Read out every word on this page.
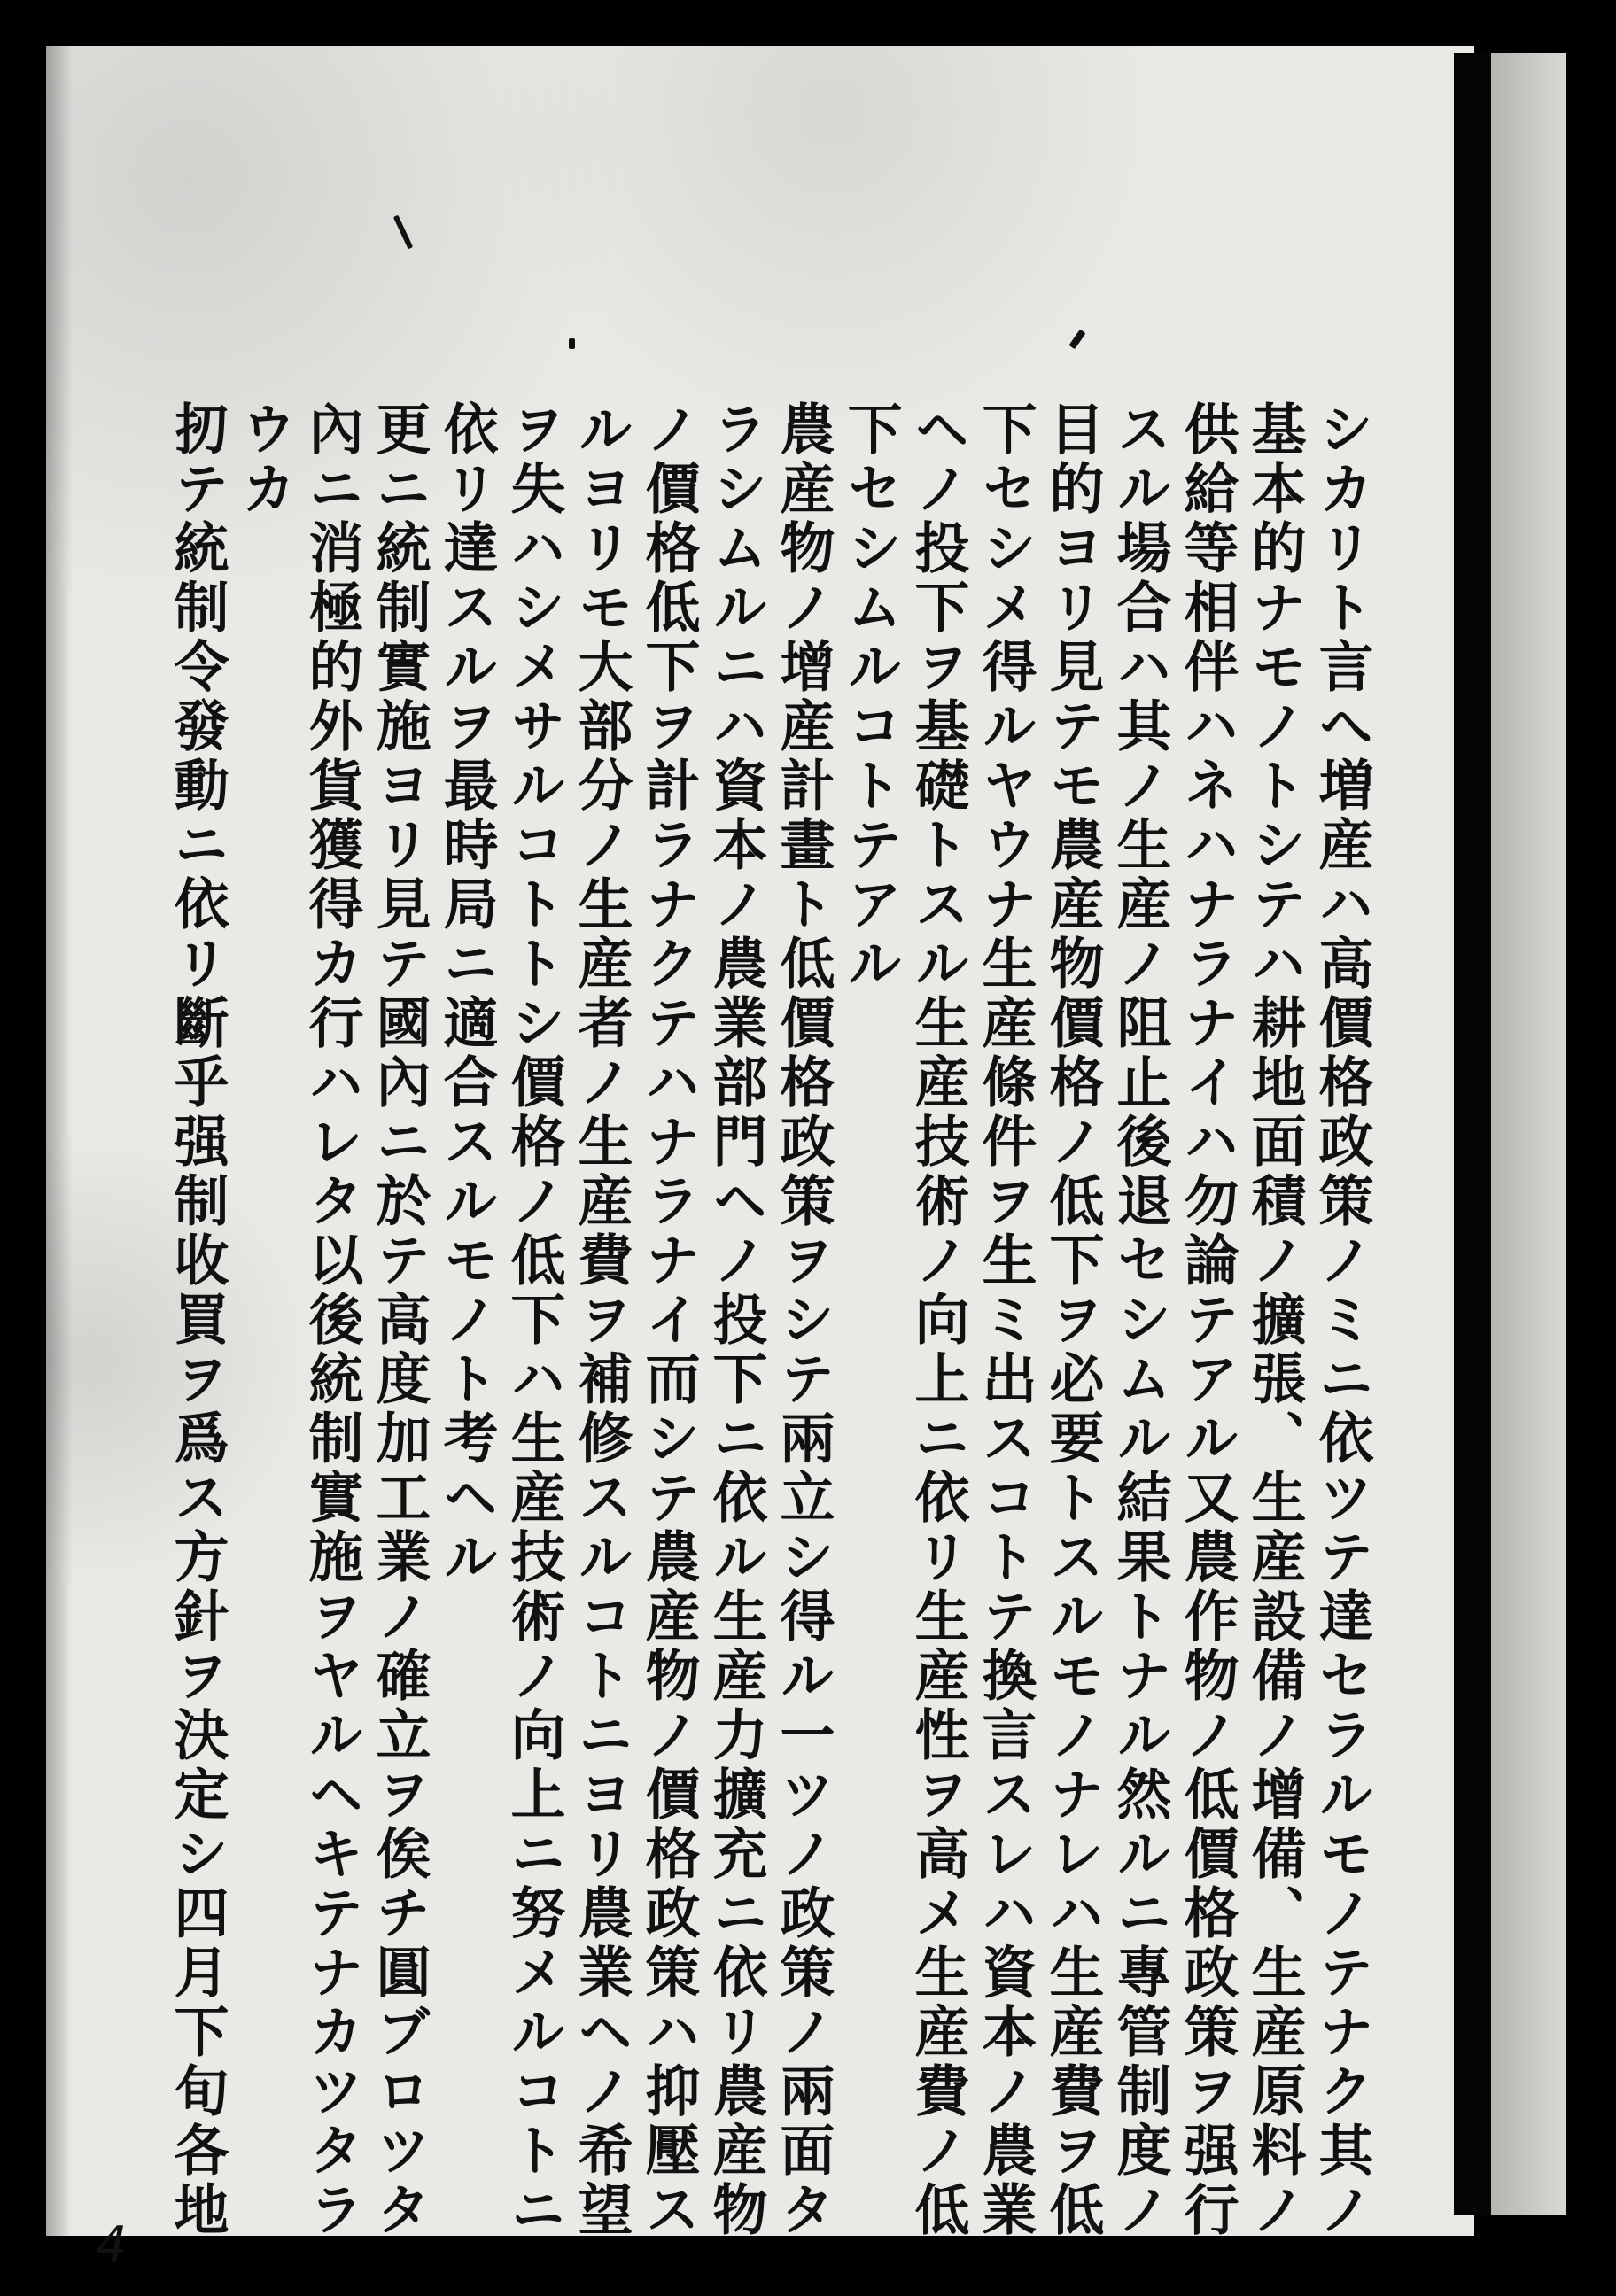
シカリト言へ増産ハ高價格政策ノミニ依ツテ達セラルモノテナク其ノ
基本的ナモノトシテハ耕地面積ノ擴張、生産設備ノ增備、生産原料ノ
供給等相伴ハネハナラナイハ勿論テアル又農作物ノ低價格政策ヲ强行
スル場合ハ其ノ生産ノ阻止後退セシムル結果トナル然ルニ專管制度ノ
目的ヨリ見テモ農産物價格ノ低下ヲ必要トスルモノナレハ生産費ヲ低
下セシメ得ルヤウナ生産條件ヲ生ミ出スコトテ換言スレハ資本ノ農業
ヘノ投下ヲ基礎トスル生産技術ノ向上ニ依リ生産性ヲ高メ生産費ノ低
下セシムルコトテアル
農産物ノ增産計畫ト低價格政策ヲシテ兩立シ得ル一ツノ政策ノ兩面タ
ラシムルニハ資本ノ農業部門ヘノ投下ニ依ル生産力擴充ニ依リ農産物
ノ價格低下ヲ計ラナクテハナラナイ而シテ農産物ノ價格政策ハ抑壓ス
ルヨリモ大部分ノ生産者ノ生産費ヲ補修スルコトニヨリ農業ヘノ希望
ヲ失ハシメサルコトトシ價格ノ低下ハ生産技術ノ向上ニ努メルコトニ
依リ達スルヲ最時局ニ適合スルモノト考ヘル
更ニ統制實施ヨリ見テ國內ニ於テ高度加工業ノ確立ヲ俟チ圓ブロツタ
內ニ消極的外貨獲得カ行ハレタ以後統制實施ヲヤルヘキテナカツタラ
ウカ
扨テ統制令發動ニ依リ斷乎强制收買ヲ爲ス方針ヲ決定シ四月下旬各地
4
